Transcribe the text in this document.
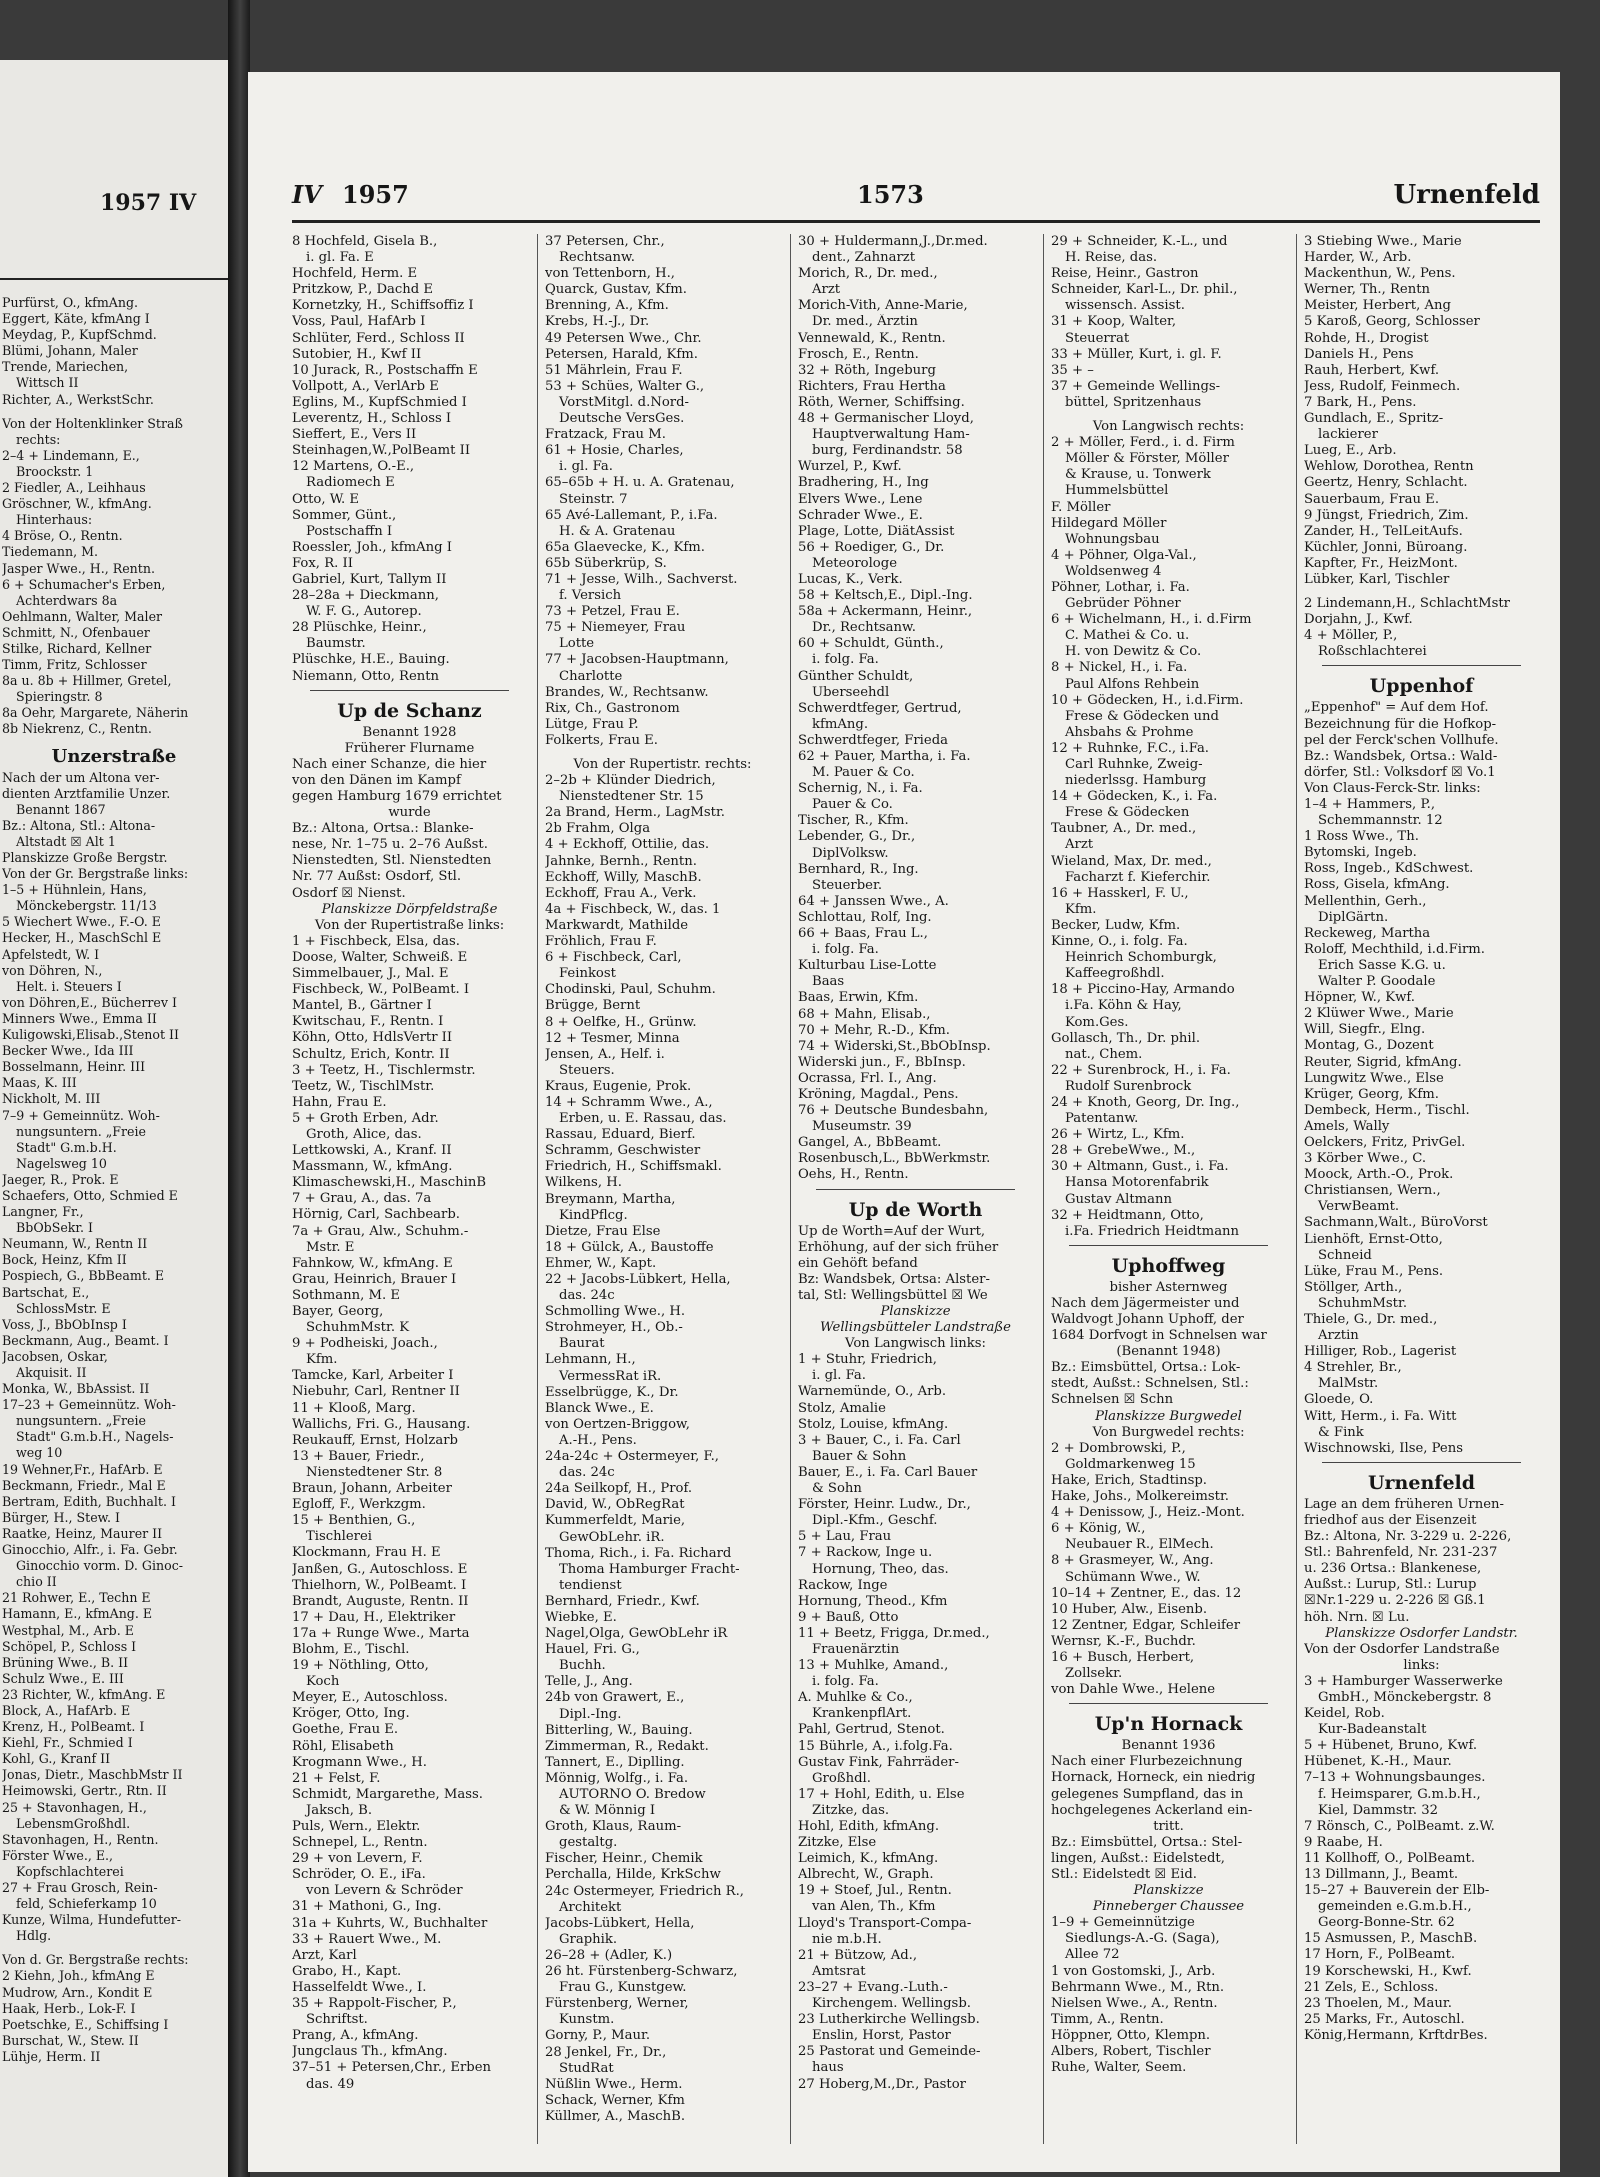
1957 IV
Purfürst, O., kfmAng.
Eggert, Käte, kfmAng I
Meydag, P., KupfSchmd.
Blümi, Johann, Maler
Trende, Mariechen,
Wittsch II
Richter, A., WerkstSchr.
Von der Holtenklinker Straß
rechts:
2–4 + Lindemann, E.,
Broockstr. 1
2 Fiedler, A., Leihhaus
Gröschner, W., kfmAng.
Hinterhaus:
4 Bröse, O., Rentn.
Tiedemann, M.
Jasper Wwe., H., Rentn.
6 + Schumacher's Erben,
Achterdwars 8a
Oehlmann, Walter, Maler
Schmitt, N., Ofenbauer
Stilke, Richard, Kellner
Timm, Fritz, Schlosser
8a u. 8b + Hillmer, Gretel,
Spieringstr. 8
8a Oehr, Margarete, Näherin
8b Niekrenz, C., Rentn.
Unzerstraße
Nach der um Altona ver-
dienten Arztfamilie Unzer.
Benannt 1867
Bz.: Altona, Stl.: Altona-
Altstadt ☒ Alt 1
Planskizze Große Bergstr.
Von der Gr. Bergstraße links:
1–5 + Hühnlein, Hans,
Mönckebergstr. 11/13
5 Wiechert Wwe., F.-O. E
Hecker, H., MaschSchl E
Apfelstedt, W. I
von Döhren, N.,
Helt. i. Steuers I
von Döhren,E., Bücherrev I
Minners Wwe., Emma II
Kuligowski,Elisab.,Stenot II
Becker Wwe., Ida III
Bosselmann, Heinr. III
Maas, K. III
Nickholt, M. III
7–9 + Gemeinnütz. Woh-
nungsuntern. „Freie
Stadt" G.m.b.H.
Nagelsweg 10
Jaeger, R., Prok. E
Schaefers, Otto, Schmied E
Langner, Fr.,
BbObSekr. I
Neumann, W., Rentn II
Bock, Heinz, Kfm II
Pospiech, G., BbBeamt. E
Bartschat, E.,
SchlossMstr. E
Voss, J., BbObInsp I
Beckmann, Aug., Beamt. I
Jacobsen, Oskar,
Akquisit. II
Monka, W., BbAssist. II
17–23 + Gemeinnütz. Woh-
nungsuntern. „Freie
Stadt" G.m.b.H., Nagels-
weg 10
19 Wehner,Fr., HafArb. E
Beckmann, Friedr., Mal E
Bertram, Edith, Buchhalt. I
Bürger, H., Stew. I
Raatke, Heinz, Maurer II
Ginocchio, Alfr., i. Fa. Gebr.
Ginocchio vorm. D. Ginoc-
chio II
21 Rohwer, E., Techn E
Hamann, E., kfmAng. E
Westphal, M., Arb. E
Schöpel, P., Schloss I
Brüning Wwe., B. II
Schulz Wwe., E. III
23 Richter, W., kfmAng. E
Block, A., HafArb. E
Krenz, H., PolBeamt. I
Kiehl, Fr., Schmied I
Kohl, G., Kranf II
Jonas, Dietr., MaschbMstr II
Heimowski, Gertr., Rtn. II
25 + Stavonhagen, H.,
LebensmGroßhdl.
Stavonhagen, H., Rentn.
Förster Wwe., E.,
Kopfschlachterei
27 + Frau Grosch, Rein-
feld, Schieferkamp 10
Kunze, Wilma, Hundefutter-
Hdlg.
Von d. Gr. Bergstraße rechts:
2 Kiehn, Joh., kfmAng E
Mudrow, Arn., Kondit E
Haak, Herb., Lok-F. I
Poetschke, E., Schiffsing I
Burschat, W., Stew. II
Lühje, Herm. II
IV 1957	1573	Urnenfeld
8 Hochfeld, Gisela B.,
i. gl. Fa. E
Hochfeld, Herm. E
Pritzkow, P., Dachd E
Kornetzky, H., Schiffsoffiz I
Voss, Paul, HafArb I
Schlüter, Ferd., Schloss II
Sutobier, H., Kwf II
10 Jurack, R., Postschaffn E
Vollpott, A., VerlArb E
Eglins, M., KupfSchmied I
Leverentz, H., Schloss I
Sieffert, E., Vers II
Steinhagen,W.,PolBeamt II
12 Martens, O.-E.,
Radiomech E
Otto, W. E
Sommer, Günt.,
Postschaffn I
Roessler, Joh., kfmAng I
Fox, R. II
Gabriel, Kurt, Tallym II
28–28a + Dieckmann,
W. F. G., Autorep.
28 Plüschke, Heinr.,
Baumstr.
Plüschke, H.E., Bauing.
Niemann, Otto, Rentn
Up de Schanz
Benannt 1928
Früherer Flurname
Nach einer Schanze, die hier
von den Dänen im Kampf
gegen Hamburg 1679 errichtet
wurde
Bz.: Altona, Ortsa.: Blanke-
nese, Nr. 1–75 u. 2–76 Außst.
Nienstedten, Stl. Nienstedten
Nr. 77 Außst: Osdorf, Stl.
Osdorf ☒ Nienst.
Planskizze Dörpfeldstraße
Von der Rupertistraße links:
1 + Fischbeck, Elsa, das.
Doose, Walter, Schweiß. E
Simmelbauer, J., Mal. E
Fischbeck, W., PolBeamt. I
Mantel, B., Gärtner I
Kwitschau, F., Rentn. I
Köhn, Otto, HdlsVertr II
Schultz, Erich, Kontr. II
3 + Teetz, H., Tischlermstr.
Teetz, W., TischlMstr.
Hahn, Frau E.
5 + Groth Erben, Adr.
Groth, Alice, das.
Lettkowski, A., Kranf. II
Massmann, W., kfmAng.
Klimaschewski,H., MaschinB
7 + Grau, A., das. 7a
Hörnig, Carl, Sachbearb.
7a + Grau, Alw., Schuhm.-
Mstr. E
Fahnkow, W., kfmAng. E
Grau, Heinrich, Brauer I
Sothmann, M. E
Bayer, Georg,
SchuhmMstr. K
9 + Podheiski, Joach.,
Kfm.
Tamcke, Karl, Arbeiter I
Niebuhr, Carl, Rentner II
11 + Klooß, Marg.
Wallichs, Fri. G., Hausang.
Reukauff, Ernst, Holzarb
13 + Bauer, Friedr.,
Nienstedtener Str. 8
Braun, Johann, Arbeiter
Egloff, F., Werkzgm.
15 + Benthien, G.,
Tischlerei
Klockmann, Frau H. E
Janßen, G., Autoschloss. E
Thielhorn, W., PolBeamt. I
Brandt, Auguste, Rentn. II
17 + Dau, H., Elektriker
17a + Runge Wwe., Marta
Blohm, E., Tischl.
19 + Nöthling, Otto,
Koch
Meyer, E., Autoschloss.
Kröger, Otto, Ing.
Goethe, Frau E.
Röhl, Elisabeth
Krogmann Wwe., H.
21 + Felst, F.
Schmidt, Margarethe, Mass.
Jaksch, B.
Puls, Wern., Elektr.
Schnepel, L., Rentn.
29 + von Levern, F.
Schröder, O. E., iFa.
von Levern & Schröder
31 + Mathoni, G., Ing.
31a + Kuhrts, W., Buchhalter
33 + Rauert Wwe., M.
Arzt, Karl
Grabo, H., Kapt.
Hasselfeldt Wwe., I.
35 + Rappolt-Fischer, P.,
Schriftst.
Prang, A., kfmAng.
Jungclaus Th., kfmAng.
37–51 + Petersen,Chr., Erben
das. 49
37 Petersen, Chr.,
Rechtsanw.
von Tettenborn, H.,
Quarck, Gustav, Kfm.
Brenning, A., Kfm.
Krebs, H.-J., Dr.
49 Petersen Wwe., Chr.
Petersen, Harald, Kfm.
51 Mährlein, Frau F.
53 + Schües, Walter G.,
VorstMitgl. d.Nord-
Deutsche VersGes.
Fratzack, Frau M.
61 + Hosie, Charles,
i. gl. Fa.
65–65b + H. u. A. Gratenau,
Steinstr. 7
65 Avé-Lallemant, P., i.Fa.
H. & A. Gratenau
65a Glaevecke, K., Kfm.
65b Süberkrüp, S.
71 + Jesse, Wilh., Sachverst.
f. Versich
73 + Petzel, Frau E.
75 + Niemeyer, Frau
Lotte
77 + Jacobsen-Hauptmann,
Charlotte
Brandes, W., Rechtsanw.
Rix, Ch., Gastronom
Lütge, Frau P.
Folkerts, Frau E.
Von der Rupertistr. rechts:
2–2b + Klünder Diedrich,
Nienstedtener Str. 15
2a Brand, Herm., LagMstr.
2b Frahm, Olga
4 + Eckhoff, Ottilie, das.
Jahnke, Bernh., Rentn.
Eckhoff, Willy, MaschB.
Eckhoff, Frau A., Verk.
4a + Fischbeck, W., das. 1
Markwardt, Mathilde
Fröhlich, Frau F.
6 + Fischbeck, Carl,
Feinkost
Chodinski, Paul, Schuhm.
Brügge, Bernt
8 + Oelfke, H., Grünw.
12 + Tesmer, Minna
Jensen, A., Helf. i.
Steuers.
Kraus, Eugenie, Prok.
14 + Schramm Wwe., A.,
Erben, u. E. Rassau, das.
Rassau, Eduard, Bierf.
Schramm, Geschwister
Friedrich, H., Schiffsmakl.
Wilkens, H.
Breymann, Martha,
KindPflcg.
Dietze, Frau Else
18 + Gülck, A., Baustoffe
Ehmer, W., Kapt.
22 + Jacobs-Lübkert, Hella,
das. 24c
Schmolling Wwe., H.
Strohmeyer, H., Ob.-
Baurat
Lehmann, H.,
VermessRat iR.
Esselbrügge, K., Dr.
Blanck Wwe., E.
von Oertzen-Briggow,
A.-H., Pens.
24a-24c + Ostermeyer, F.,
das. 24c
24a Seilkopf, H., Prof.
David, W., ObRegRat
Kummerfeldt, Marie,
GewObLehr. iR.
Thoma, Rich., i. Fa. Richard
Thoma Hamburger Fracht-
tendienst
Bernhard, Friedr., Kwf.
Wiebke, E.
Nagel,Olga, GewObLehr iR
Hauel, Fri. G.,
Buchh.
Telle, J., Ang.
24b von Grawert, E.,
Dipl.-Ing.
Bitterling, W., Bauing.
Zimmerman, R., Redakt.
Tannert, E., Diplling.
Mönnig, Wolfg., i. Fa.
AUTORNO O. Bredow
& W. Mönnig I
Groth, Klaus, Raum-
gestaltg.
Fischer, Heinr., Chemik
Perchalla, Hilde, KrkSchw
24c Ostermeyer, Friedrich R.,
Architekt
Jacobs-Lübkert, Hella,
Graphik.
26–28 + (Adler, K.)
26 ht. Fürstenberg-Schwarz,
Frau G., Kunstgew.
Fürstenberg, Werner,
Kunstm.
Gorny, P., Maur.
28 Jenkel, Fr., Dr.,
StudRat
Nüßlin Wwe., Herm.
Schack, Werner, Kfm
Küllmer, A., MaschB.
30 + Huldermann,J.,Dr.med.
dent., Zahnarzt
Morich, R., Dr. med.,
Arzt
Morich-Vith, Anne-Marie,
Dr. med., Ärztin
Vennewald, K., Rentn.
Frosch, E., Rentn.
32 + Röth, Ingeburg
Richters, Frau Hertha
Röth, Werner, Schiffsing.
48 + Germanischer Lloyd,
Hauptverwaltung Ham-
burg, Ferdinandstr. 58
Wurzel, P., Kwf.
Bradhering, H., Ing
Elvers Wwe., Lene
Schrader Wwe., E.
Plage, Lotte, DiätAssist
56 + Roediger, G., Dr.
Meteorologe
Lucas, K., Verk.
58 + Keltsch,E., Dipl.-Ing.
58a + Ackermann, Heinr.,
Dr., Rechtsanw.
60 + Schuldt, Günth.,
i. folg. Fa.
Günther Schuldt,
Überseehdl
Schwerdtfeger, Gertrud,
kfmAng.
Schwerdtfeger, Frieda
62 + Pauer, Martha, i. Fa.
M. Pauer & Co.
Schernig, N., i. Fa.
Pauer & Co.
Tischer, R., Kfm.
Lebender, G., Dr.,
DiplVolksw.
Bernhard, R., Ing.
Steuerber.
64 + Janssen Wwe., A.
Schlottau, Rolf, Ing.
66 + Baas, Frau L.,
i. folg. Fa.
Kulturbau Lise-Lotte
Baas
Baas, Erwin, Kfm.
68 + Mahn, Elisab.,
70 + Mehr, R.-D., Kfm.
74 + Widerski,St.,BbObInsp.
Widerski jun., F., BbInsp.
Ocrassa, Frl. I., Ang.
Kröning, Magdal., Pens.
76 + Deutsche Bundesbahn,
Museumstr. 39
Gangel, A., BbBeamt.
Rosenbusch,L., BbWerkmstr.
Oehs, H., Rentn.
Up de Worth
Up de Worth=Auf der Wurt,
Erhöhung, auf der sich früher
ein Gehöft befand
Bz: Wandsbek, Ortsa: Alster-
tal, Stl: Wellingsbüttel ☒ We
Planskizze
Wellingsbütteler Landstraße
Von Langwisch links:
1 + Stuhr, Friedrich,
i. gl. Fa.
Warnemünde, O., Arb.
Stolz, Amalie
Stolz, Louise, kfmAng.
3 + Bauer, C., i. Fa. Carl
Bauer & Sohn
Bauer, E., i. Fa. Carl Bauer
& Sohn
Förster, Heinr. Ludw., Dr.,
Dipl.-Kfm., Geschf.
5 + Lau, Frau
7 + Rackow, Inge u.
Hornung, Theo, das.
Rackow, Inge
Hornung, Theod., Kfm
9 + Bauß, Otto
11 + Beetz, Frigga, Dr.med.,
Frauenärztin
13 + Muhlke, Amand.,
i. folg. Fa.
A. Muhlke & Co.,
KrankenpflArt.
Pahl, Gertrud, Stenot.
15 Bührle, A., i.folg.Fa.
Gustav Fink, Fahrräder-
Großhdl.
17 + Hohl, Edith, u. Else
Zitzke, das.
Hohl, Edith, kfmAng.
Zitzke, Else
Leimich, K., kfmAng.
Albrecht, W., Graph.
19 + Stoef, Jul., Rentn.
van Alen, Th., Kfm
Lloyd's Transport-Compa-
nie m.b.H.
21 + Bützow, Ad.,
Amtsrat
23–27 + Evang.-Luth.-
Kirchengem. Wellingsb.
23 Lutherkirche Wellingsb.
Enslin, Horst, Pastor
25 Pastorat und Gemeinde-
haus
27 Hoberg,M.,Dr., Pastor
29 + Schneider, K.-L., und
H. Reise, das.
Reise, Heinr., Gastron
Schneider, Karl-L., Dr. phil.,
wissensch. Assist.
31 + Koop, Walter,
Steuerrat
33 + Müller, Kurt, i. gl. F.
35 + –
37 + Gemeinde Wellings-
büttel, Spritzenhaus
Von Langwisch rechts:
2 + Möller, Ferd., i. d. Firm
Möller & Förster, Möller
& Krause, u. Tonwerk
Hummelsbüttel
F. Möller
Hildegard Möller
Wohnungsbau
4 + Pöhner, Olga-Val.,
Woldsenweg 4
Pöhner, Lothar, i. Fa.
Gebrüder Pöhner
6 + Wichelmann, H., i. d.Firm
C. Mathei & Co. u.
H. von Dewitz & Co.
8 + Nickel, H., i. Fa.
Paul Alfons Rehbein
10 + Gödecken, H., i.d.Firm.
Frese & Gödecken und
Ahsbahs & Prohme
12 + Ruhnke, F.C., i.Fa.
Carl Ruhnke, Zweig-
niederlssg. Hamburg
14 + Gödecken, K., i. Fa.
Frese & Gödecken
Taubner, A., Dr. med.,
Arzt
Wieland, Max, Dr. med.,
Facharzt f. Kieferchir.
16 + Hasskerl, F. U.,
Kfm.
Becker, Ludw, Kfm.
Kinne, O., i. folg. Fa.
Heinrich Schomburgk,
Kaffeegroßhdl.
18 + Piccino-Hay, Armando
i.Fa. Köhn & Hay,
Kom.Ges.
Gollasch, Th., Dr. phil.
nat., Chem.
22 + Surenbrock, H., i. Fa.
Rudolf Surenbrock
24 + Knoth, Georg, Dr. Ing.,
Patentanw.
26 + Wirtz, L., Kfm.
28 + GrebeWwe., M.,
30 + Altmann, Gust., i. Fa.
Hansa Motorenfabrik
Gustav Altmann
32 + Heidtmann, Otto,
i.Fa. Friedrich Heidtmann
Uphoffweg
bisher Asternweg
Nach dem Jägermeister und
Waldvogt Johann Uphoff, der
1684 Dorfvogt in Schnelsen war
(Benannt 1948)
Bz.: Eimsbüttel, Ortsa.: Lok-
stedt, Außst.: Schnelsen, Stl.:
Schnelsen ☒ Schn
Planskizze Burgwedel
Von Burgwedel rechts:
2 + Dombrowski, P.,
Goldmarkenweg 15
Hake, Erich, Stadtinsp.
Hake, Johs., Molkereimstr.
4 + Denissow, J., Heiz.-Mont.
6 + König, W.,
Neubauer R., ElMech.
8 + Grasmeyer, W., Ang.
Schümann Wwe., W.
10–14 + Zentner, E., das. 12
10 Huber, Alw., Eisenb.
12 Zentner, Edgar, Schleifer
Wernsr, K.-F., Buchdr.
16 + Busch, Herbert,
Zollsekr.
von Dahle Wwe., Helene
Up'n Hornack
Benannt 1936
Nach einer Flurbezeichnung
Hornack, Horneck, ein niedrig
gelegenes Sumpfland, das in
hochgelegenes Ackerland ein-
tritt.
Bz.: Eimsbüttel, Ortsa.: Stel-
lingen, Außst.: Eidelstedt,
Stl.: Eidelstedt ☒ Eid.
Planskizze
Pinneberger Chaussee
1–9 + Gemeinnützige
Siedlungs-A.-G. (Saga),
Allee 72
1 von Gostomski, J., Arb.
Behrmann Wwe., M., Rtn.
Nielsen Wwe., A., Rentn.
Timm, A., Rentn.
Höppner, Otto, Klempn.
Albers, Robert, Tischler
Ruhe, Walter, Seem.
3 Stiebing Wwe., Marie
Harder, W., Arb.
Mackenthun, W., Pens.
Werner, Th., Rentn
Meister, Herbert, Ang
5 Karoß, Georg, Schlosser
Rohde, H., Drogist
Daniels H., Pens
Rauh, Herbert, Kwf.
Jess, Rudolf, Feinmech.
7 Bark, H., Pens.
Gundlach, E., Spritz-
lackierer
Lueg, E., Arb.
Wehlow, Dorothea, Rentn
Geertz, Henry, Schlacht.
Sauerbaum, Frau E.
9 Jüngst, Friedrich, Zim.
Zander, H., TelLeitAufs.
Küchler, Jonni, Büroang.
Kapfter, Fr., HeizMont.
Lübker, Karl, Tischler
2 Lindemann,H., SchlachtMstr
Dorjahn, J., Kwf.
4 + Möller, P.,
Roßschlachterei
Uppenhof
„Eppenhof" = Auf dem Hof.
Bezeichnung für die Hofkop-
pel der Ferck'schen Vollhufe.
Bz.: Wandsbek, Ortsa.: Wald-
dörfer, Stl.: Volksdorf ☒ Vo.1
Von Claus-Ferck-Str. links:
1–4 + Hammers, P.,
Schemmannstr. 12
1 Ross Wwe., Th.
Bytomski, Ingeb.
Ross, Ingeb., KdSchwest.
Ross, Gisela, kfmAng.
Mellenthin, Gerh.,
DiplGärtn.
Reckeweg, Martha
Roloff, Mechthild, i.d.Firm.
Erich Sasse K.G. u.
Walter P. Goodale
Höpner, W., Kwf.
2 Klüwer Wwe., Marie
Will, Siegfr., Elng.
Montag, G., Dozent
Reuter, Sigrid, kfmAng.
Lungwitz Wwe., Else
Krüger, Georg, Kfm.
Dembeck, Herm., Tischl.
Amels, Wally
Oelckers, Fritz, PrivGel.
3 Körber Wwe., C.
Moock, Arth.-O., Prok.
Christiansen, Wern.,
VerwBeamt.
Sachmann,Walt., BüroVorst
Lienhöft, Ernst-Otto,
Schneid
Lüke, Frau M., Pens.
Stöllger, Arth.,
SchuhmMstr.
Thiele, G., Dr. med.,
Arztin
Hilliger, Rob., Lagerist
4 Strehler, Br.,
MalMstr.
Gloede, O.
Witt, Herm., i. Fa. Witt
& Fink
Wischnowski, Ilse, Pens
Urnenfeld
Lage an dem früheren Urnen-
friedhof aus der Eisenzeit
Bz.: Altona, Nr. 3-229 u. 2-226,
Stl.: Bahrenfeld, Nr. 231-237
u. 236 Ortsa.: Blankenese,
Außst.: Lurup, Stl.: Lurup
☒Nr.1-229 u. 2-226 ☒ Gß.1
höh. Nrn. ☒ Lu.
Planskizze Osdorfer Landstr.
Von der Osdorfer Landstraße
links:
3 + Hamburger Wasserwerke
GmbH., Mönckebergstr. 8
Keidel, Rob.
Kur-Badeanstalt
5 + Hübenet, Bruno, Kwf.
Hübenet, K.-H., Maur.
7–13 + Wohnungsbaunges.
f. Heimsparer, G.m.b.H.,
Kiel, Dammstr. 32
7 Rönsch, C., PolBeamt. z.W.
9 Raabe, H.
11 Kollhoff, O., PolBeamt.
13 Dillmann, J., Beamt.
15–27 + Bauverein der Elb-
gemeinden e.G.m.b.H.,
Georg-Bonne-Str. 62
15 Asmussen, P., MaschB.
17 Horn, F., PolBeamt.
19 Korschewski, H., Kwf.
21 Zels, E., Schloss.
23 Thoelen, M., Maur.
25 Marks, Fr., Autoschl.
König,Hermann, KrftdrBes.
